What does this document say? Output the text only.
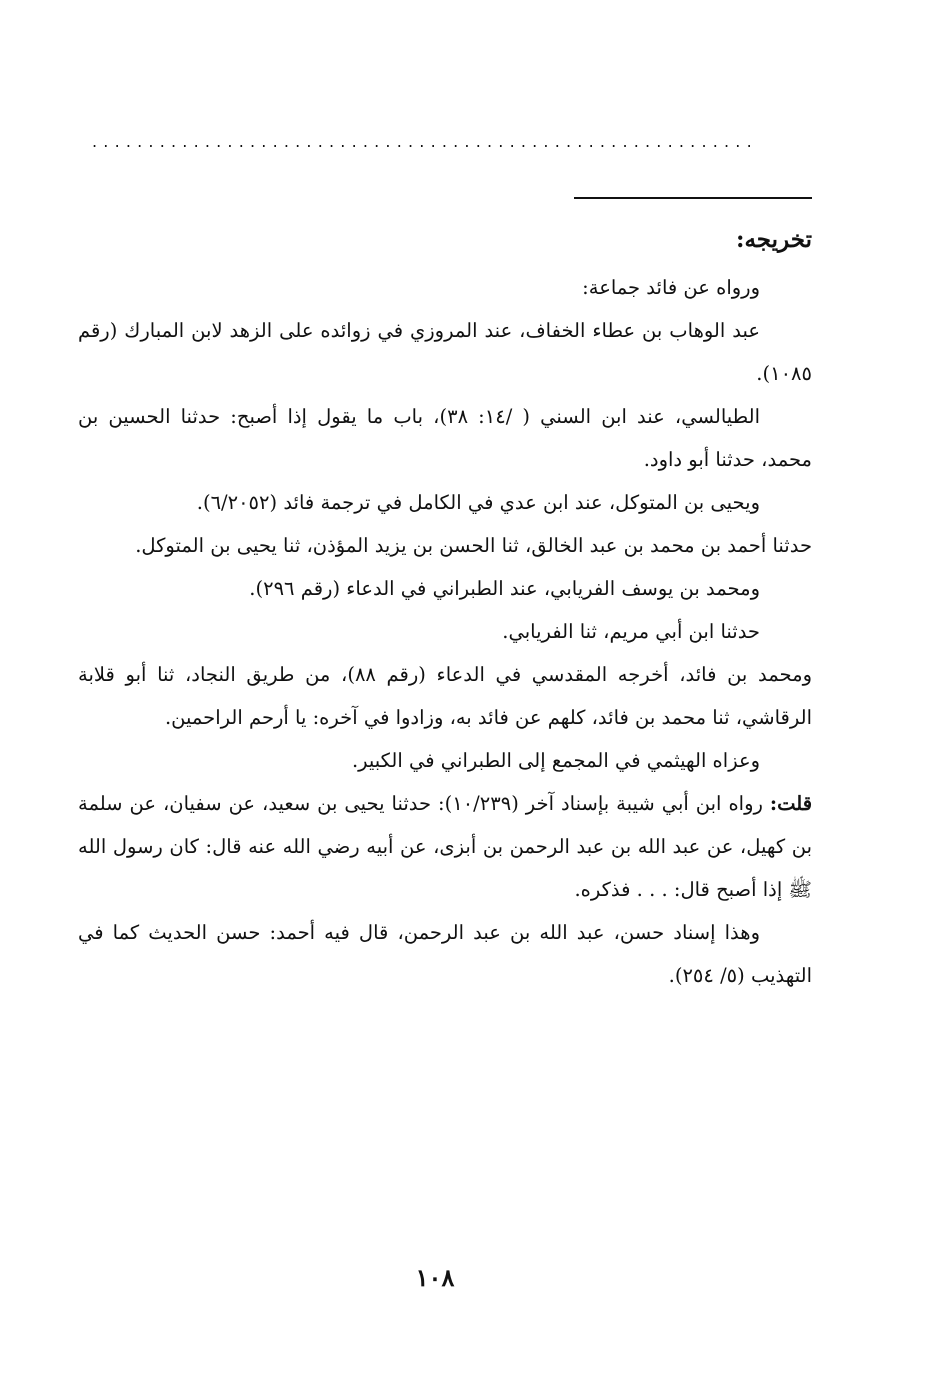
...........................................................
تخريجه:

ورواه عن فائد جماعة:

عبد الوهاب بن عطاء الخفاف، عند المروزي في زوائده على الزهد لابن المبارك (رقم ١٠٨٥).

الطيالسي، عند ابن السني ( /١٤: ٣٨)، باب ما يقول إذا أصبح: حدثنا الحسين بن محمد، حدثنا أبو داود.

ويحيى بن المتوكل، عند ابن عدي في الكامل في ترجمة فائد (٦/٢٠٥٢).

حدثنا أحمد بن محمد بن عبد الخالق، ثنا الحسن بن يزيد المؤذن، ثنا يحيى بن المتوكل.

ومحمد بن يوسف الفريابي، عند الطبراني في الدعاء (رقم ٢٩٦).

حدثنا ابن أبي مريم، ثنا الفريابي.

ومحمد بن فائد، أخرجه المقدسي في الدعاء (رقم ٨٨)، من طريق النجاد، ثنا أبو قلابة الرقاشي، ثنا محمد بن فائد، كلهم عن فائد به، وزادوا في آخره: يا أرحم الراحمين.

وعزاه الهيثمي في المجمع إلى الطبراني في الكبير.

قلت: رواه ابن أبي شيبة بإسناد آخر (١٠/٢٣٩): حدثنا يحيى بن سعيد، عن سفيان، عن سلمة بن كهيل، عن عبد الله بن عبد الرحمن بن أبزى، عن أبيه رضي الله عنه قال: كان رسول الله ﷺ إذا أصبح قال: . . . فذكره.

وهذا إسناد حسن، عبد الله بن عبد الرحمن، قال فيه أحمد: حسن الحديث كما في التهذيب (٥/ ٢٥٤).

١٠٨
